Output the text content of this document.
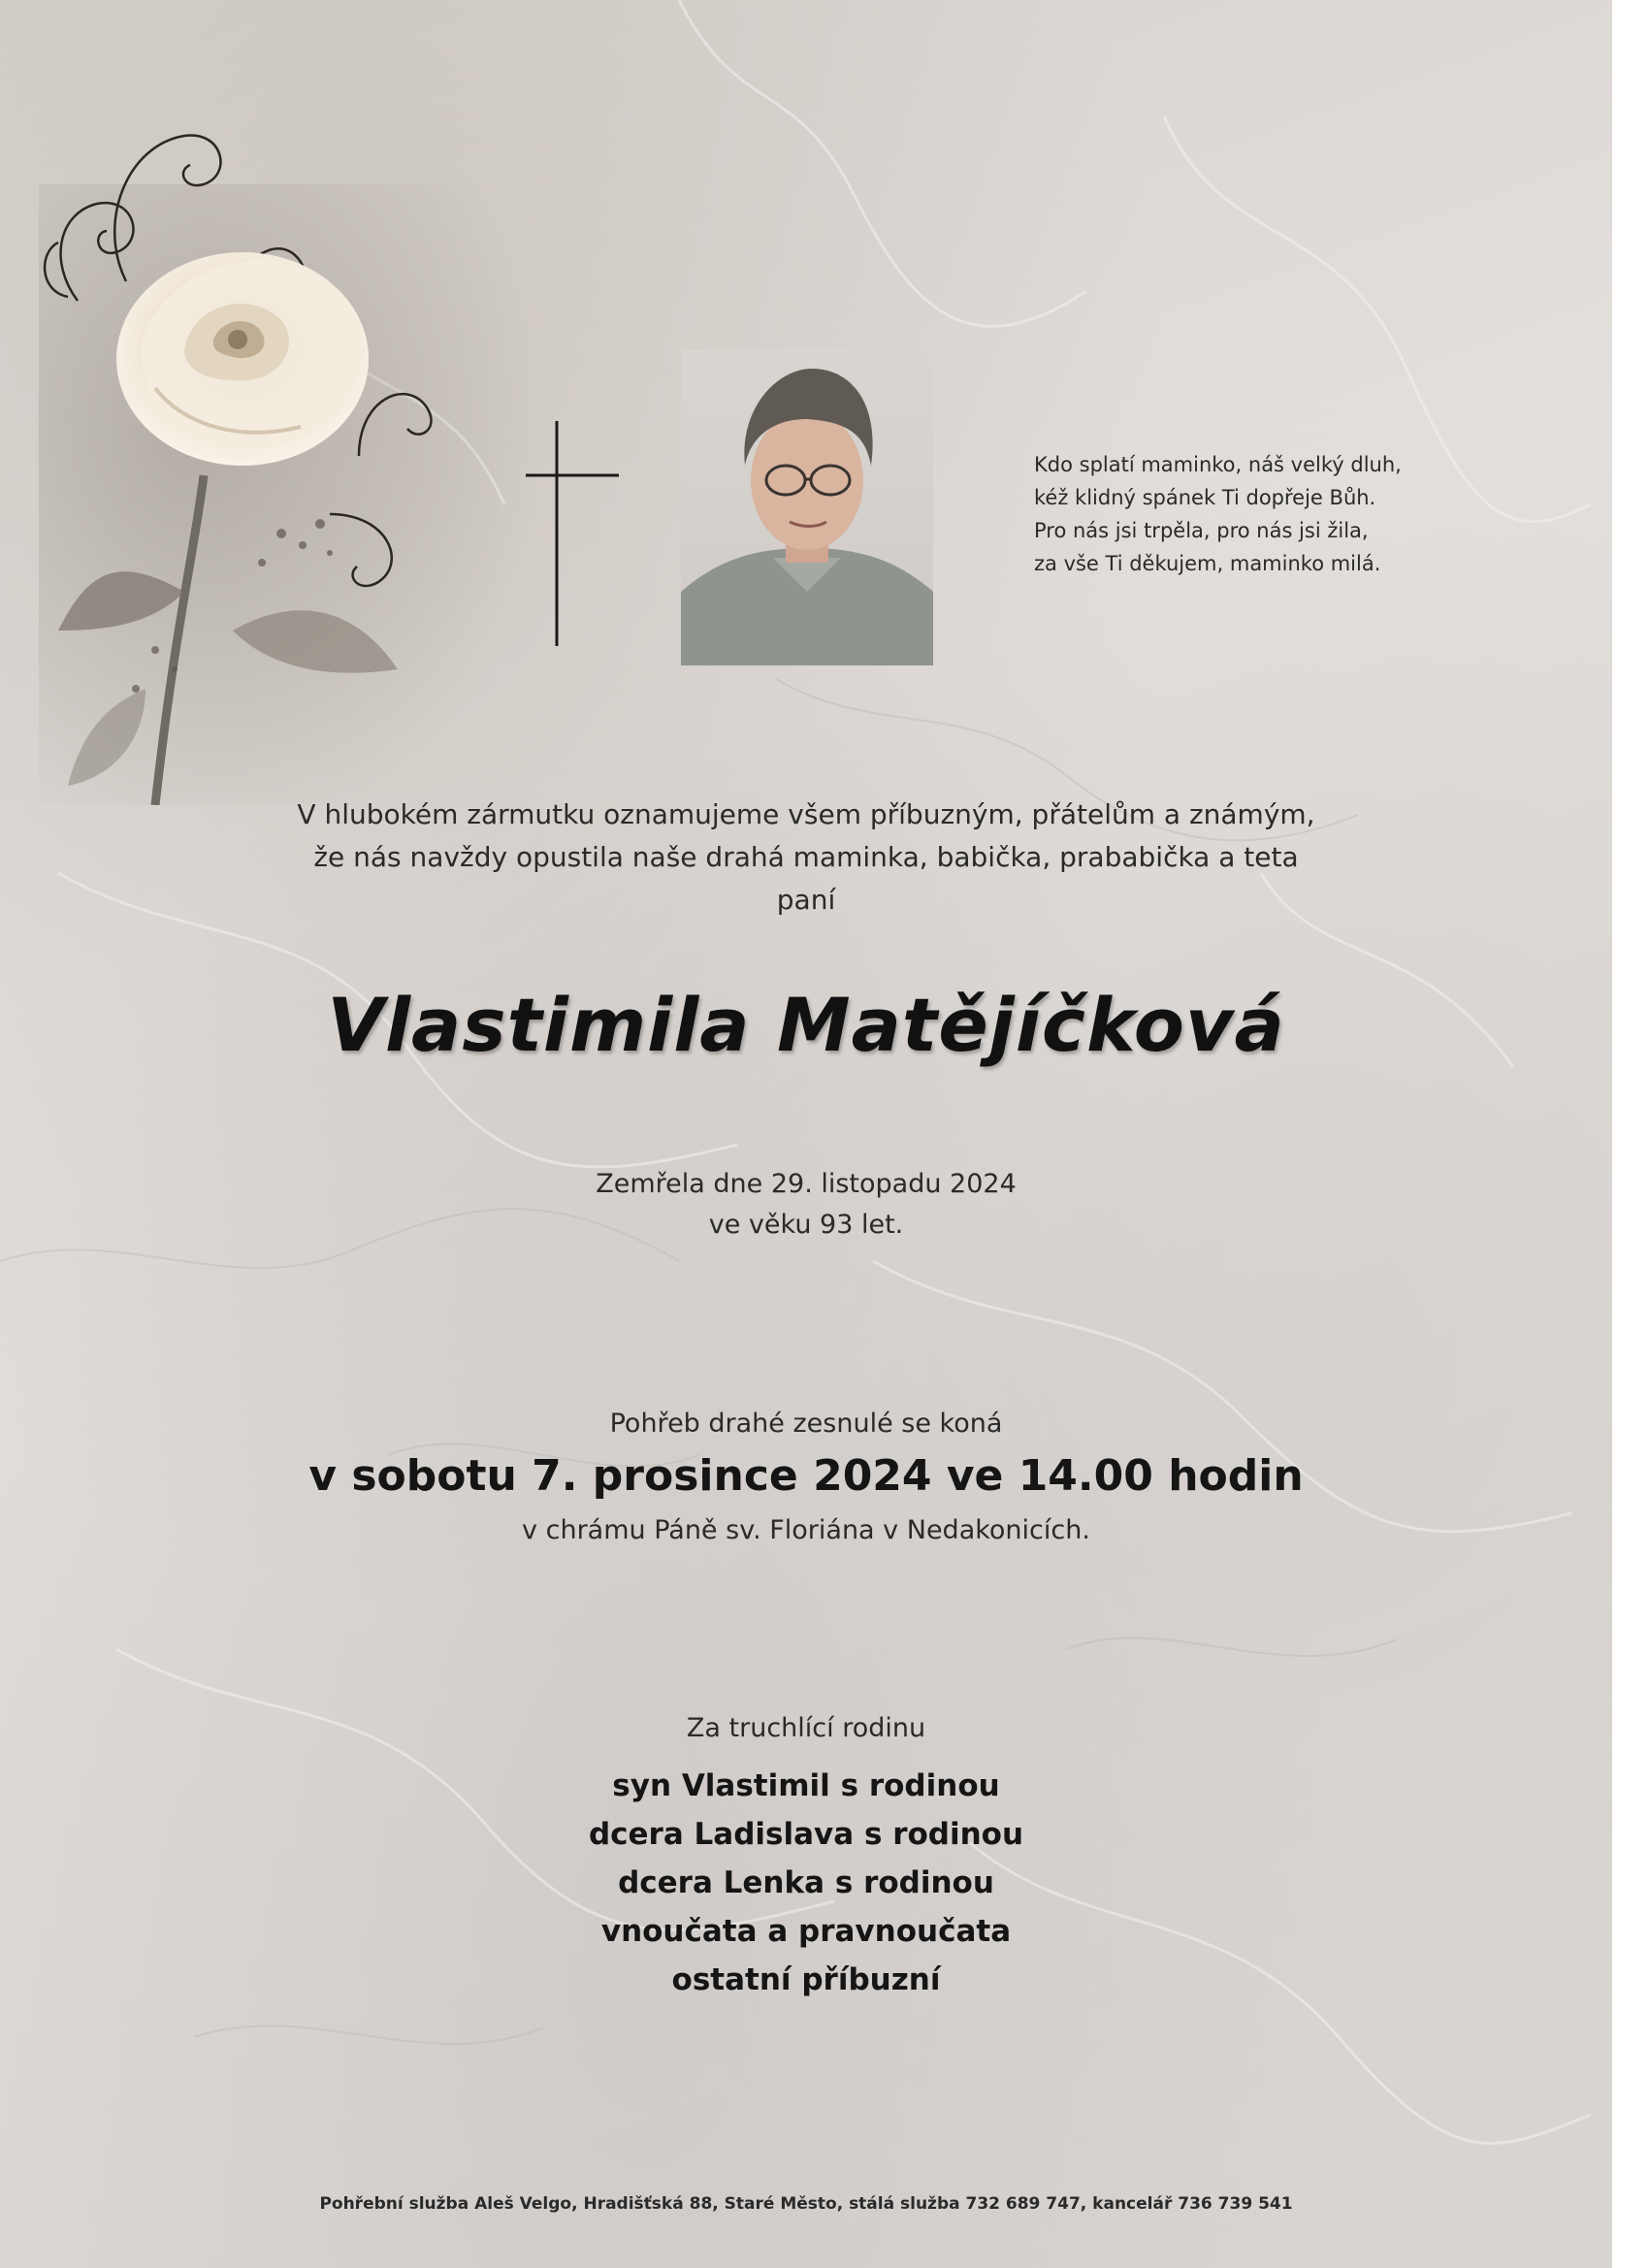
Kdo splatí maminko, náš velký dluh,
kéž klidný spánek Ti dopřeje Bůh.
Pro nás jsi trpěla, pro nás jsi žila,
za vše Ti děkujem, maminko milá.
V hlubokém zármutku oznamujeme všem příbuzným, přátelům a známým,
že nás navždy opustila naše drahá maminka, babička, prababička a teta
paní
Vlastimila Matějíčková
Zemřela dne 29. listopadu 2024
ve věku 93 let.
Pohřeb drahé zesnulé se koná
v sobotu 7. prosince 2024 ve 14.00 hodin
v chrámu Páně sv. Floriána v Nedakonicích.
Za truchlící rodinu
syn Vlastimil s rodinou
dcera Ladislava s rodinou
dcera Lenka s rodinou
vnoučata a pravnoučata
ostatní příbuzní
Pohřební služba Aleš Velgo, Hradišťská 88, Staré Město, stálá služba 732 689 747, kancelář 736 739 541
